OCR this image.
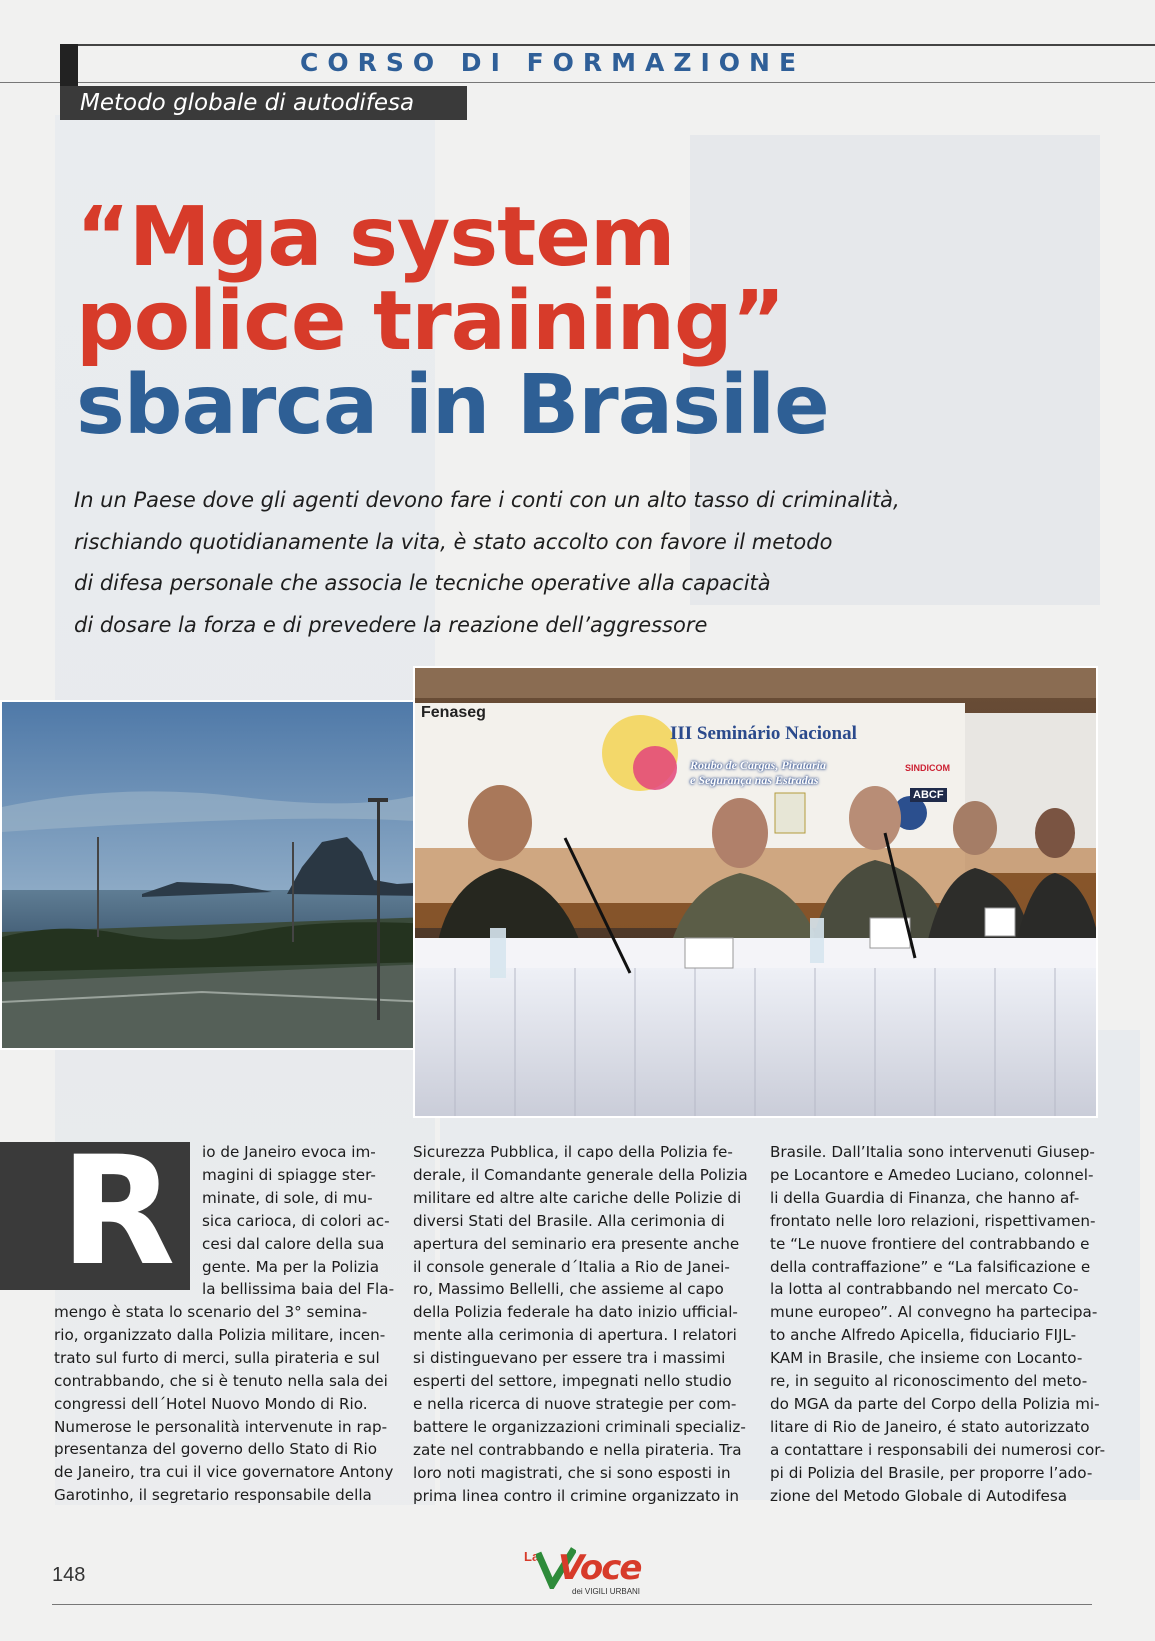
CORSO DI FORMAZIONE
Metodo globale di autodifesa
“Mga system
police training”
sbarca in Brasile
In un Paese dove gli agenti devono fare i conti con un alto tasso di criminalità,
rischiando quotidianamente la vita, è stato accolto con favore il metodo
di difesa personale che associa le tecniche operative alla capacità
di dosare la forza e di prevedere la reazione dell’aggressore
Fenaseg
III Seminário Nacional
Roubo de Cargas, Pirataria
e Segurança nas Estradas
SINDICOM
ABCF
R	io de Janeiro evoca im-
magini di spiagge ster-
minate, di sole, di mu-
sica carioca, di colori ac-
cesi dal calore della sua
gente. Ma per la Polizia
la bellissima baia del Fla-
mengo è stata lo scenario del 3° semina-
rio, organizzato dalla Polizia militare, incen-
trato sul furto di merci, sulla pirateria e sul
contrabbando, che si è tenuto nella sala dei
congressi dell´Hotel Nuovo Mondo di Rio.
Numerose le personalità intervenute in rap-
presentanza del governo dello Stato di Rio
de Janeiro, tra cui il vice governatore Antony
Garotinho, il segretario responsabile della
Sicurezza Pubblica, il capo della Polizia fe-
derale, il Comandante generale della Polizia
militare ed altre alte cariche delle Polizie di
diversi Stati del Brasile. Alla cerimonia di
apertura del seminario era presente anche
il console generale d´Italia a Rio de Janei-
ro, Massimo Bellelli, che assieme al capo
della Polizia federale ha dato inizio ufficial-
mente alla cerimonia di apertura. I relatori
si distinguevano per essere tra i massimi
esperti del settore, impegnati nello studio
e nella ricerca di nuove strategie per com-
battere le organizzazioni criminali specializ-
zate nel contrabbando e nella pirateria. Tra
loro noti magistrati, che si sono esposti in
prima linea contro il crimine organizzato in
Brasile. Dall’Italia sono intervenuti Giusep-
pe Locantore e Amedeo Luciano, colonnel-
li della Guardia di Finanza, che hanno af-
frontato nelle loro relazioni, rispettivamen-
te “Le nuove frontiere del contrabbando e
della contraffazione” e “La falsificazione e
la lotta al contrabbando nel mercato Co-
mune europeo”. Al convegno ha partecipa-
to anche Alfredo Apicella, fiduciario FIJL-
KAM in Brasile, che insieme con Locanto-
re, in seguito al riconoscimento del meto-
do MGA da parte del Corpo della Polizia mi-
litare di Rio de Janeiro, é stato autorizzato
a contattare i responsabili dei numerosi cor-
pi di Polizia del Brasile, per proporre l’ado-
zione del Metodo Globale di Autodifesa
148
La Voce
dei VIGILI URBANI
